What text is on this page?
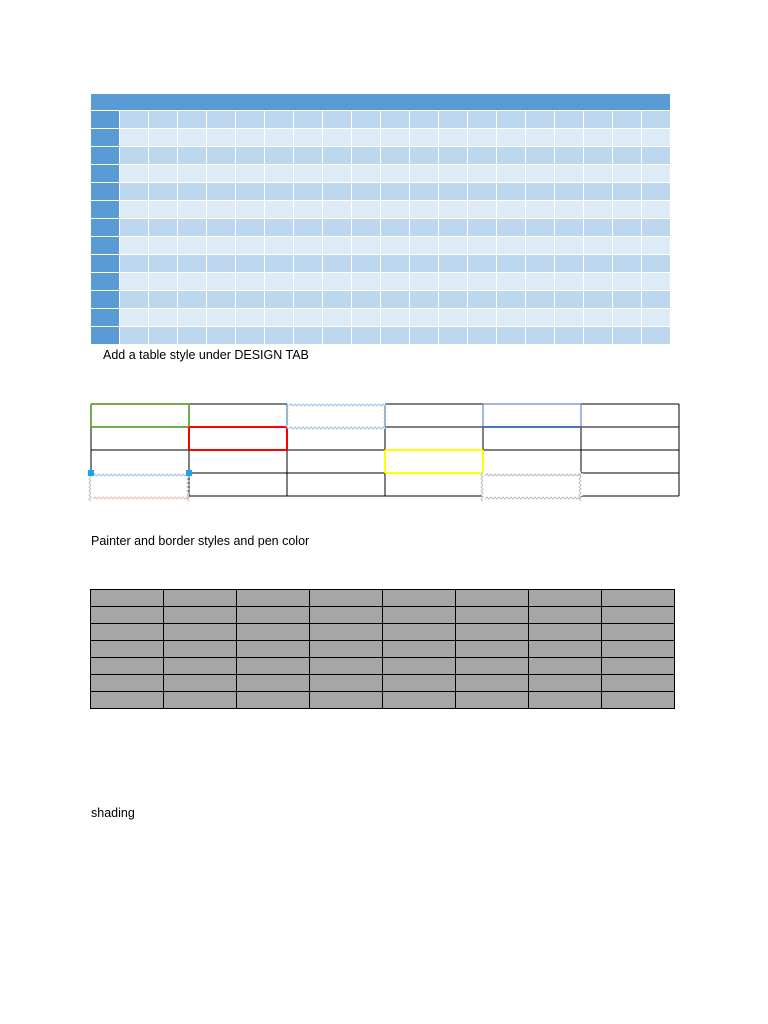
Add a table style under DESIGN TAB
Painter and border styles and pen color

shading
